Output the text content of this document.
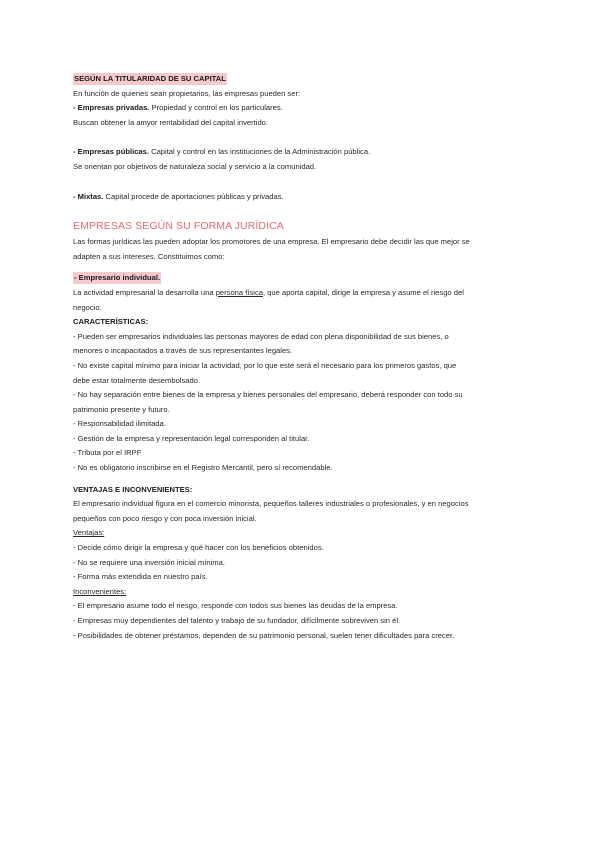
SEGÚN LA TITULARIDAD DE SU CAPITAL

En función de quienes sean propietarios, las empresas pueden ser:

- Empresas privadas. Propiedad y control en los particulares.

Buscan obtener la amyor rentabilidad del capital invertido.

- Empresas públicas. Capital y control en las instituciones de la Administración pública.

Se orientan por objetivos de naturaleza social y servicio a la comunidad.

- Mixtas. Capital procede de aportaciones públicas y privadas.

EMPRESAS SEGÚN SU FORMA JURÍDICA

Las formas jurídicas las pueden adoptar los promotores de una empresa. El empresario debe decidir las que mejor se

adapten a sus intereses. Constituimos como:

- Empresario individual.

La actividad empresarial la desarrolla una persona física, que aporta capital, dirige la empresa y asume el riesgo del

negocio.

CARACTERÍSTICAS:

- Pueden ser empresarios individuales las personas mayores de edad con plena disponibilidad de sus bienes, o

menores o incapacitados a través de sus representantes legales.

- No existe capital mínimo para iniciar la actividad, por lo que este será el necesario para los primeros gastos, que

debe estar totalmente desembolsado.

- No hay separación entre bienes de la empresa y bienes personales del empresario, deberá responder con todo su

patrimonio presente y futuro.

- Responsabilidad ilimitada.

- Gestión de la empresa y representación legal corresponden al titular.

- Tributa por el IRPF

- No es obligatorio inscribirse en el Registro Mercantil, pero sí recomendable.

VENTAJAS E INCONVENIENTES:

El empresario individual figura en el comercio minorista, pequeños talleres industriales o profesionales, y en negocios

pequeños con poco riesgo y con poca inversión inicial.

Ventajas:

- Decide cómo dirigir la empresa y qué hacer con los beneficios obtenidos.

- No se requiere una inversión inicial mínima.

- Forma más extendida en nuestro país.

Inconvenientes:

- El empresario asume todo el riesgo, responde con todos sus bienes las deudas de la empresa.

- Empresas muy dependientes del talento y trabajo de su fundador, difícilmente sobreviven sin él.

- Posibilidades de obtener préstamos, dependen de su patrimonio personal, suelen tener dificultades para crecer.
